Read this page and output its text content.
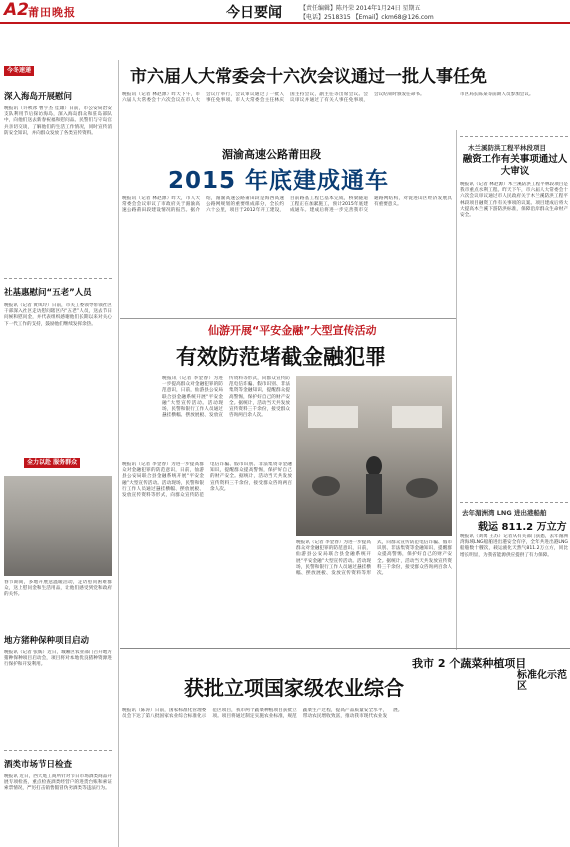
A2 莆田晚报	今日要闻	【责任编辑】陈丹荣 2014年1月24日 星期五
【电话】2518315 【Email】ckm68@126.com
市六届人大常委会十六次会议通过一批人事任免
今冬速递
深入海岛开展慰问
晚报讯（许秋冰 曹宇杰 佳雄）日前，市公安局治安支队利用节后探访海岛，深入海岛群众和驻岛部队中，向他们送去新春祝福和慰问品。民警们与守岛官兵亲切交谈，了解他们的生活工作情况，同时宣传消防安全知识，并向群众发放了各类宣传资料。
社基惠慰问“五老”人员
晚报讯（记者 黄凤玲）日前，市关工委领导带领社区干部深入社区走访慰问辖区内“五老”人员，送去节日问候和慰问金，并代表组织感谢他们长期以来对关心下一代工作的支持，鼓励他们继续发挥余热。
全力以赴 服务群众
春节期间，多地开展送温暖活动，走访慰问困难群众，送上慰问金和生活用品，让他们感受到党和政府的关怀。
地方猪种保种项目启动
晚报讯（记者 张嫣）近日，城厢区农业部门召开地方猪种保种项目启动会，项目将对本地优良猪种资源进行保护和开发利用。
酒类市场节日检查
晚报讯 近日，西天尾工商所针对节日市场酒类商品开展专项检查，重点检查酒类经营户的进货台账和索证索票情况，严厉打击销售假冒伪劣酒类等违法行为。
晚报讯（记者 林赵源）昨天下午，市六届人大常委会十六次会议在市人大会议厅举行，会议审议通过了一批人事任免事项。市人大常委会主任林庆国主持会议，副主任等出席会议。会议审议并通过了有关人事任免事项，会议结束时颁发任命书。
湄渝高速公路莆田段
2015 年底建成通车
晚报讯（记者 林赵源）昨天，市人大常委会会议审议了市政府关于湄渝高速公路莆田段建设情况的报告。据介绍，湄渝高速公路莆田段是海西高速公路网规划的重要组成部分，全长约六十公里，项目于2012年开工建设，目前路基工程已基本完成，桥梁隧道工程正在加紧施工，预计2015年底建成通车。建成后将进一步完善我市交通路网结构，对促进山区经济发展具有重要意义。
仙游开展“平安金融”大型宣传活动
有效防范堵截金融犯罪
晚报讯（记者 李金春）为进一步提高群众对金融犯罪的防范意识，日前，仙游县公安局联合县金融系统开展“平安金融”大型宣传活动。活动现场，民警和银行工作人员通过悬挂横幅、摆放展板、发放宣传资料等形式，向群众宣传防范电信诈骗、假币识别、非法集资等金融知识，提醒群众提高警惕，保护好自己的财产安全。据统计，活动当天共发放宣传资料三千余份，接受群众咨询两百余人次。
晚报讯（记者 李金春）为进一步提高群众对金融犯罪的防范意识，日前，仙游县公安局联合县金融系统开展“平安金融”大型宣传活动。活动现场，民警和银行工作人员通过悬挂横幅、摆放展板、发放宣传资料等形式，向群众宣传防范电信诈骗、假币识别、非法集资等金融知识，提醒群众提高警惕，保护好自己的财产安全。据统计，活动当天共发放宣传资料三千余份，接受群众咨询两百余人次。
晚报讯（记者 李金春）为进一步提高群众对金融犯罪的防范意识，日前，仙游县公安局联合县金融系统开展“平安金融”大型宣传活动。活动现场，民警和银行工作人员通过悬挂横幅、摆放展板、发放宣传资料等形式，向群众宣传防范电信诈骗、假币识别、非法集资等金融知识，提醒群众提高警惕，保护好自己的财产安全。据统计，活动当天共发放宣传资料三千余份，接受群众咨询两百余人次。
市区局长陈某等前期人员参加会议。
木兰溪防洪工程平林段项目
融资工作有关事项通过人大审议
晚报讯（记者 林赵源）木兰溪防洪工程平林段项目是我市重点水利工程。昨天下午，市六届人大常委会十六次会议审议通过市人民政府关于木兰溪防洪工程平林段项目融资工作有关事项的议案。项目建成后将大大提高木兰溪下游防洪标准，保障沿岸群众生命财产安全。
去年湄洲湾 LNG 进出港船舶
载运 811.2 万立方
晚报讯（刘勇 王苏）记者从有关部门获悉，去年湄洲湾海域LNG船舶进出港安全有序，全年共进出港LNG船舶数十艘次，载运液化天然气811.2万立方，同比增长明显，为我省能源供应提供了有力保障。
我市 2 个蔬菜种植项目
获批立项国家级农业综合
标准化示范区
晚报讯（陈涛）日前，国家标准化管理委员会下达了第八批国家农业综合标准化示范区项目，我市两个蔬菜种植项目获批立项。项目将通过制定实施农业标准，规范蔬菜生产过程，提高产品质量安全水平，带动农民增收致富，推动我市现代农业发展。
